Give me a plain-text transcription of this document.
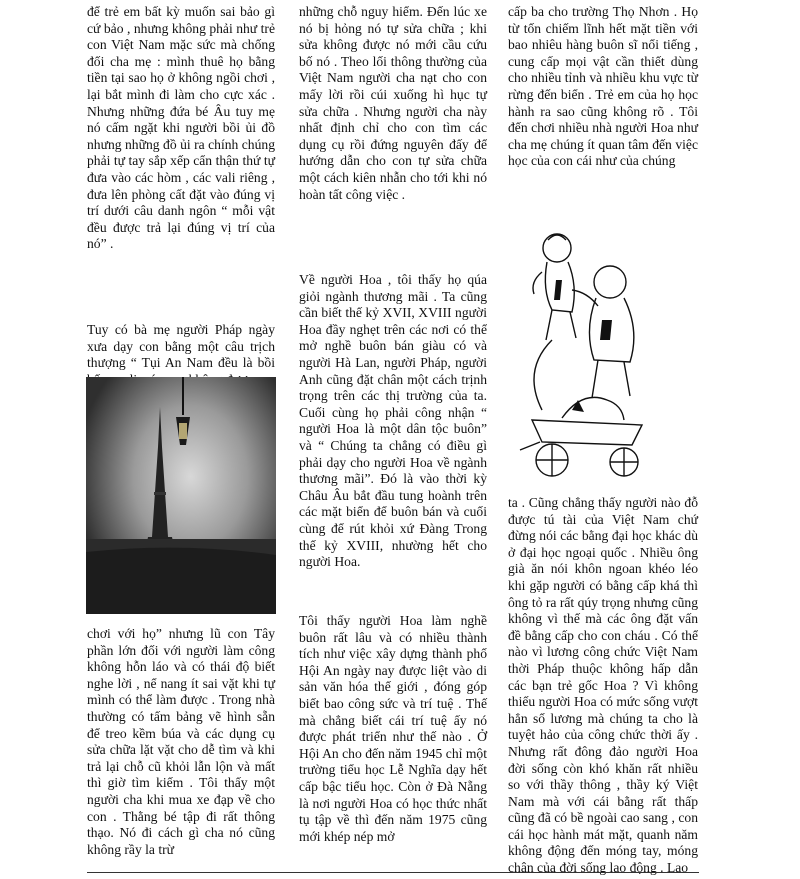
để trẻ em bất kỳ muốn sai bảo gì cứ bảo , nhưng không phải như trẻ con Việt Nam mặc sức mà chống đối cha mẹ : mình thuê họ bằng tiền tại sao họ ở không ngồi chơi , lại bắt mình đi làm cho cực xác . Nhưng những đứa bé Âu tuy mẹ nó cấm ngặt khi người bồi ủi đồ nhưng những đồ ủi ra chính chúng phải tự tay sắp xếp cẩn thận thứ tự đưa vào các hòm , các vali riêng , đưa lên phòng cất đặt vào đúng vị trí dưới câu danh ngôn “ mỗi vật đều được trả lại đúng vị trí của nó” .

Tuy có bà mẹ người Pháp ngày xưa dạy con bằng một câu trịch thượng “ Tụi An Nam đều là bồi

chơi với họ” nhưng lũ con Tây phần lớn đối với người làm công không hỗn láo và có thái độ biết nghe lời , nể nang ít sai vặt khi tự mình có thể làm được . Trong nhà thường có tấm bảng vẽ hình sẵn để treo kềm búa và các dụng cụ sửa chữa lặt vặt cho dễ tìm và khi trả lại chỗ cũ khỏi lẫn lộn và mất thì giờ tìm kiếm . Tôi thấy một người cha khi mua xe đạp về cho con . Thằng bé tập đi rất thông thạo. Nó đi cách gì cha nó cũng không rầy la trừ

những chỗ nguy hiểm. Đến lúc xe nó bị hỏng nó tự sửa chữa ; khi sửa không được nó mới cầu cứu bố nó . Theo lối thông thường của Việt Nam người cha nạt cho con mấy lời rồi cúi xuống hì hục tự sửa chữa . Nhưng người cha này nhất định chỉ cho con tìm các dụng cụ rồi đứng nguyên đấy để hướng dẫn cho con tự sửa chữa một cách kiên nhẫn cho tới khi nó hoàn tất công việc .

Về người Hoa , tôi thấy họ qúa giỏi ngành thương mãi . Ta cũng cần biết thế kỷ XVII, XVIII người Hoa đầy nghẹt trên các nơi có thể mở nghề buôn bán giàu có và người Hà Lan, người Pháp, người Anh cũng đặt chân một cách trịnh trọng trên các thị trường của ta. Cuối cùng họ phải công nhận “ người Hoa là một dân tộc buôn” và “ Chúng ta chẳng có điều gì phải dạy cho người Hoa về ngành thương mãi”. Đó là vào thời kỳ Châu Âu bắt đầu tung hoành trên các mặt biển để buôn bán và cuối cùng để rút khỏi xứ Đàng Trong thế kỷ XVIII, nhường hết cho người Hoa.

Tôi thấy người Hoa làm nghề buôn rất lâu và có nhiều thành tích như việc xây dựng thành phố Hội An ngày nay được liệt vào di sản văn hóa thế giới , đóng góp biết bao công sức và trí tuệ . Thế mà chẳng biết cái trí tuệ ấy nó được phát triển như thế nào . Ở Hội An cho đến năm 1945 chỉ một trường tiểu học Lễ Nghĩa dạy hết cấp bậc tiểu học. Còn ở Đà Nẵng là nơi người Hoa có học thức nhất tụ tập về thì đến năm 1975 cũng mới khép nép mở

cấp ba cho trường Thọ Nhơn . Họ từ tốn chiếm lĩnh hết mặt tiền với bao nhiêu hàng buôn sĩ nổi tiếng , cung cấp mọi vật cần thiết dùng cho nhiều tỉnh và nhiều khu vực từ rừng đến biển . Trẻ em của họ học hành ra sao cũng không rõ . Tôi đến chơi nhiều nhà người Hoa như cha mẹ chúng ít quan tâm đến việc học của con cái như của chúng

ta . Cũng chẳng thấy người nào đỗ được tú tài của Việt Nam chứ đừng nói các bằng đại học khác dù ở đại học ngoại quốc . Nhiều ông già ăn nói khôn ngoan khéo léo khi gặp người có bằng cấp khá thì ông tỏ ra rất qúy trọng nhưng cũng không vì thế mà các ông đặt vấn đề bằng cấp cho con cháu . Có thể nào vì lương công chức Việt Nam thời Pháp thuộc không hấp dẫn các bạn trẻ gốc Hoa ? Vì không thiếu người Hoa có mức sống vượt hẳn số lương mà chúng ta cho là tuyệt hảo của công chức thời ấy . Nhưng rất đông đảo người Hoa đời sống còn khó khăn rất nhiều so với thầy thông , thầy ký Việt Nam mà với cái bằng rất thấp cũng đã có bề ngoài cao sang , con cái học hành mát mặt, quanh năm không động đến móng tay, móng chân của đời sống lao động . Lao
